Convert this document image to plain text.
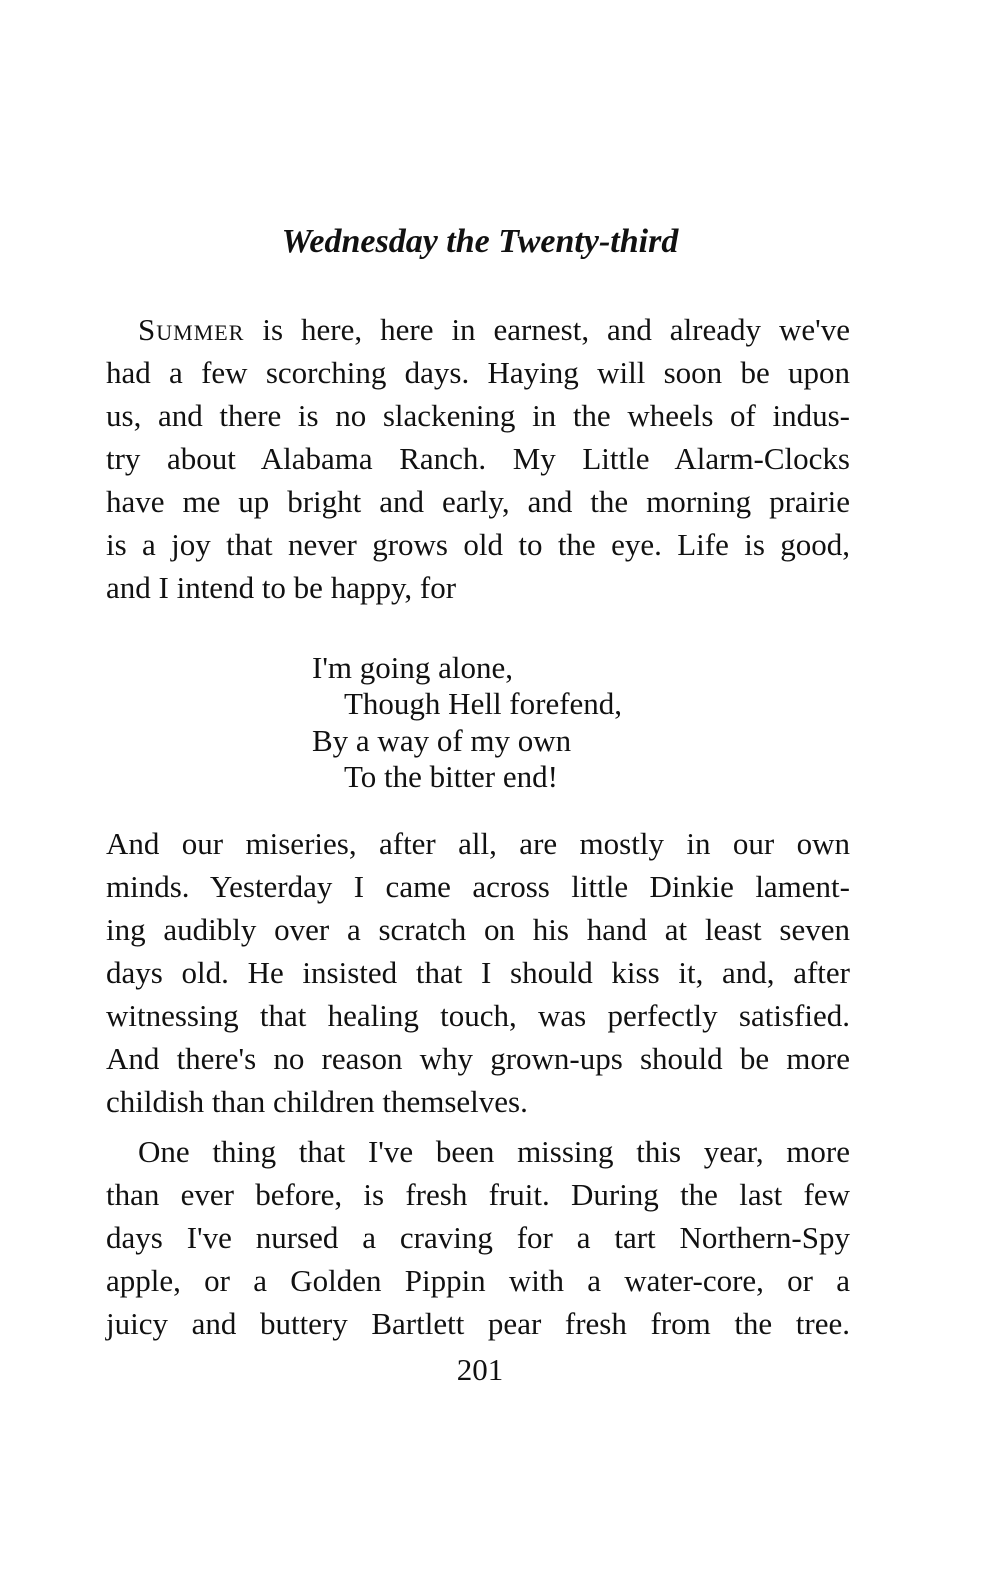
Wednesday the Twenty-third
Summer is here, here in earnest, and already we've
had a few scorching days. Haying will soon be upon
us, and there is no slackening in the wheels of indus-
try about Alabama Ranch. My Little Alarm-Clocks
have me up bright and early, and the morning prairie
is a joy that never grows old to the eye. Life is good,
and I intend to be happy, for
I'm going alone,
Though Hell forefend,
By a way of my own
To the bitter end!
And our miseries, after all, are mostly in our own
minds. Yesterday I came across little Dinkie lament-
ing audibly over a scratch on his hand at least seven
days old. He insisted that I should kiss it, and, after
witnessing that healing touch, was perfectly satisfied.
And there's no reason why grown-ups should be more
childish than children themselves.
One thing that I've been missing this year, more
than ever before, is fresh fruit. During the last few
days I've nursed a craving for a tart Northern-Spy
apple, or a Golden Pippin with a water-core, or a
juicy and buttery Bartlett pear fresh from the tree.
201
